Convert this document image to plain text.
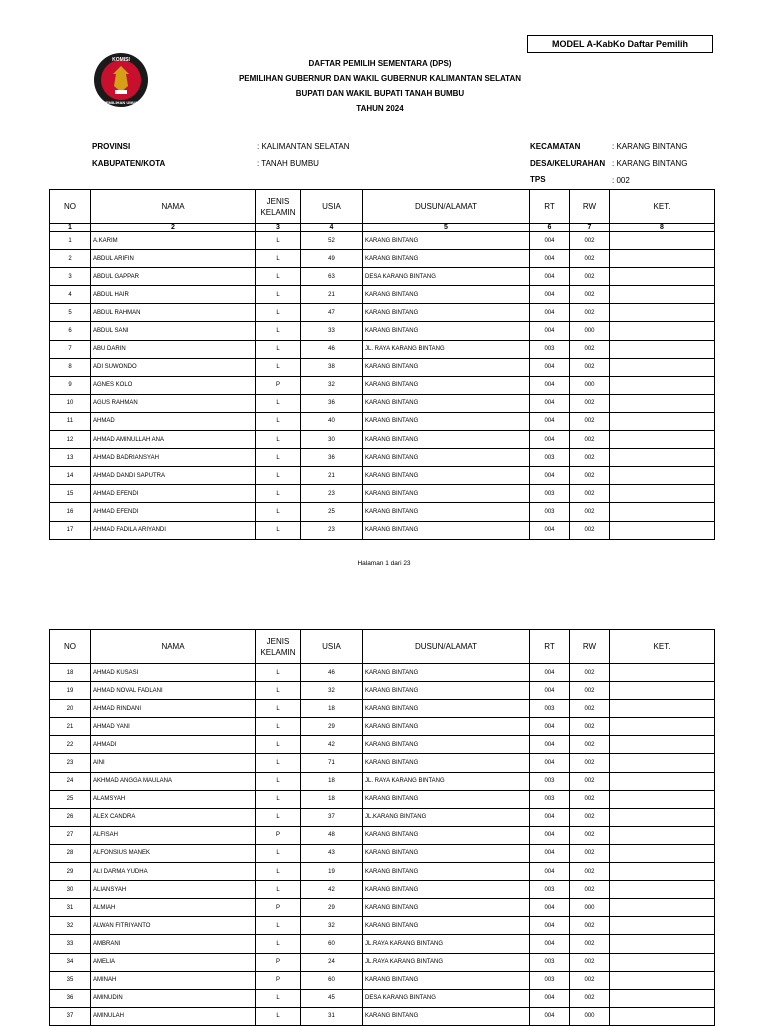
MODEL A-KabKo Daftar Pemilih
KOMISI
PEMILIHAN UMUM
DAFTAR PEMILIH SEMENTARA (DPS)
PEMILIHAN GUBERNUR DAN WAKIL GUBERNUR KALIMANTAN SELATAN
BUPATI DAN WAKIL BUPATI TANAH BUMBU
TAHUN 2024
PROVINSI	: KALIMANTAN SELATAN
KABUPATEN/KOTA	: TANAH BUMBU
KECAMATAN	: KARANG BINTANG
DESA/KELURAHAN : KARANG BINTANG
TPS	: 002
NO	NAMA	JENIS KELAMIN	USIA	DUSUN/ALAMAT	RT	RW	KET.
1	2	3	4	5	6	7	8
1	A.KARIM	L	52	KARANG BINTANG	004	002	
2	ABDUL ARIFIN	L	49	KARANG BINTANG	004	002	
3	ABDUL GAPPAR	L	63	DESA KARANG BINTANG	004	002	
4	ABDUL HAIR	L	21	KARANG BINTANG	004	002	
5	ABDUL RAHMAN	L	47	KARANG BINTANG	004	002	
6	ABDUL SANI	L	33	KARANG BINTANG	004	000	
7	ABU DARIN	L	46	JL. RAYA KARANG BINTANG	003	002	
8	ADI SUWONDO	L	38	KARANG BINTANG	004	002	
9	AGNES KOLO	P	32	KARANG BINTANG	004	000	
10	AGUS RAHMAN	L	36	KARANG BINTANG	004	002	
11	AHMAD	L	40	KARANG BINTANG	004	002	
12	AHMAD AMINULLAH ANA	L	30	KARANG BINTANG	004	002	
13	AHMAD BADRIANSYAH	L	36	KARANG BINTANG	003	002	
14	AHMAD DANDI SAPUTRA	L	21	KARANG BINTANG	004	002	
15	AHMAD EFENDI	L	23	KARANG BINTANG	003	002	
16	AHMAD EFENDI	L	25	KARANG BINTANG	003	002	
17	AHMAD FADILA ARIYANDI	L	23	KARANG BINTANG	004	002	
Halaman 1 dari 23
NO	NAMA	JENIS KELAMIN	USIA	DUSUN/ALAMAT	RT	RW	KET.
18	AHMAD KUSASI	L	46	KARANG BINTANG	004	002	
19	AHMAD NOVAL FADLANI	L	32	KARANG BINTANG	004	002	
20	AHMAD RINDANI	L	18	KARANG BINTANG	003	002	
21	AHMAD YANI	L	29	KARANG BINTANG	004	002	
22	AHMADI	L	42	KARANG BINTANG	004	002	
23	AINI	L	71	KARANG BINTANG	004	002	
24	AKHMAD ANGGA MAULANA	L	18	JL. RAYA KARANG BINTANG	003	002	
25	ALAMSYAH	L	18	KARANG BINTANG	003	002	
26	ALEX CANDRA	L	37	JL.KARANG BINTANG	004	002	
27	ALFISAH	P	48	KARANG BINTANG	004	002	
28	ALFONSIUS MANEK	L	43	KARANG BINTANG	004	002	
29	ALI DARMA YUDHA	L	19	KARANG BINTANG	004	002	
30	ALIANSYAH	L	42	KARANG BINTANG	003	002	
31	ALMIAH	P	29	KARANG BINTANG	004	000	
32	ALWAN FITRIYANTO	L	32	KARANG BINTANG	004	002	
33	AMBRANI	L	60	JL.RAYA KARANG BINTANG	004	002	
34	AMELIA	P	24	JL.RAYA KARANG BINTANG	003	002	
35	AMINAH	P	60	KARANG BINTANG	003	002	
36	AMINUDIN	L	45	DESA KARANG BINTANG	004	002	
37	AMINULAH	L	31	KARANG BINTANG	004	000	
